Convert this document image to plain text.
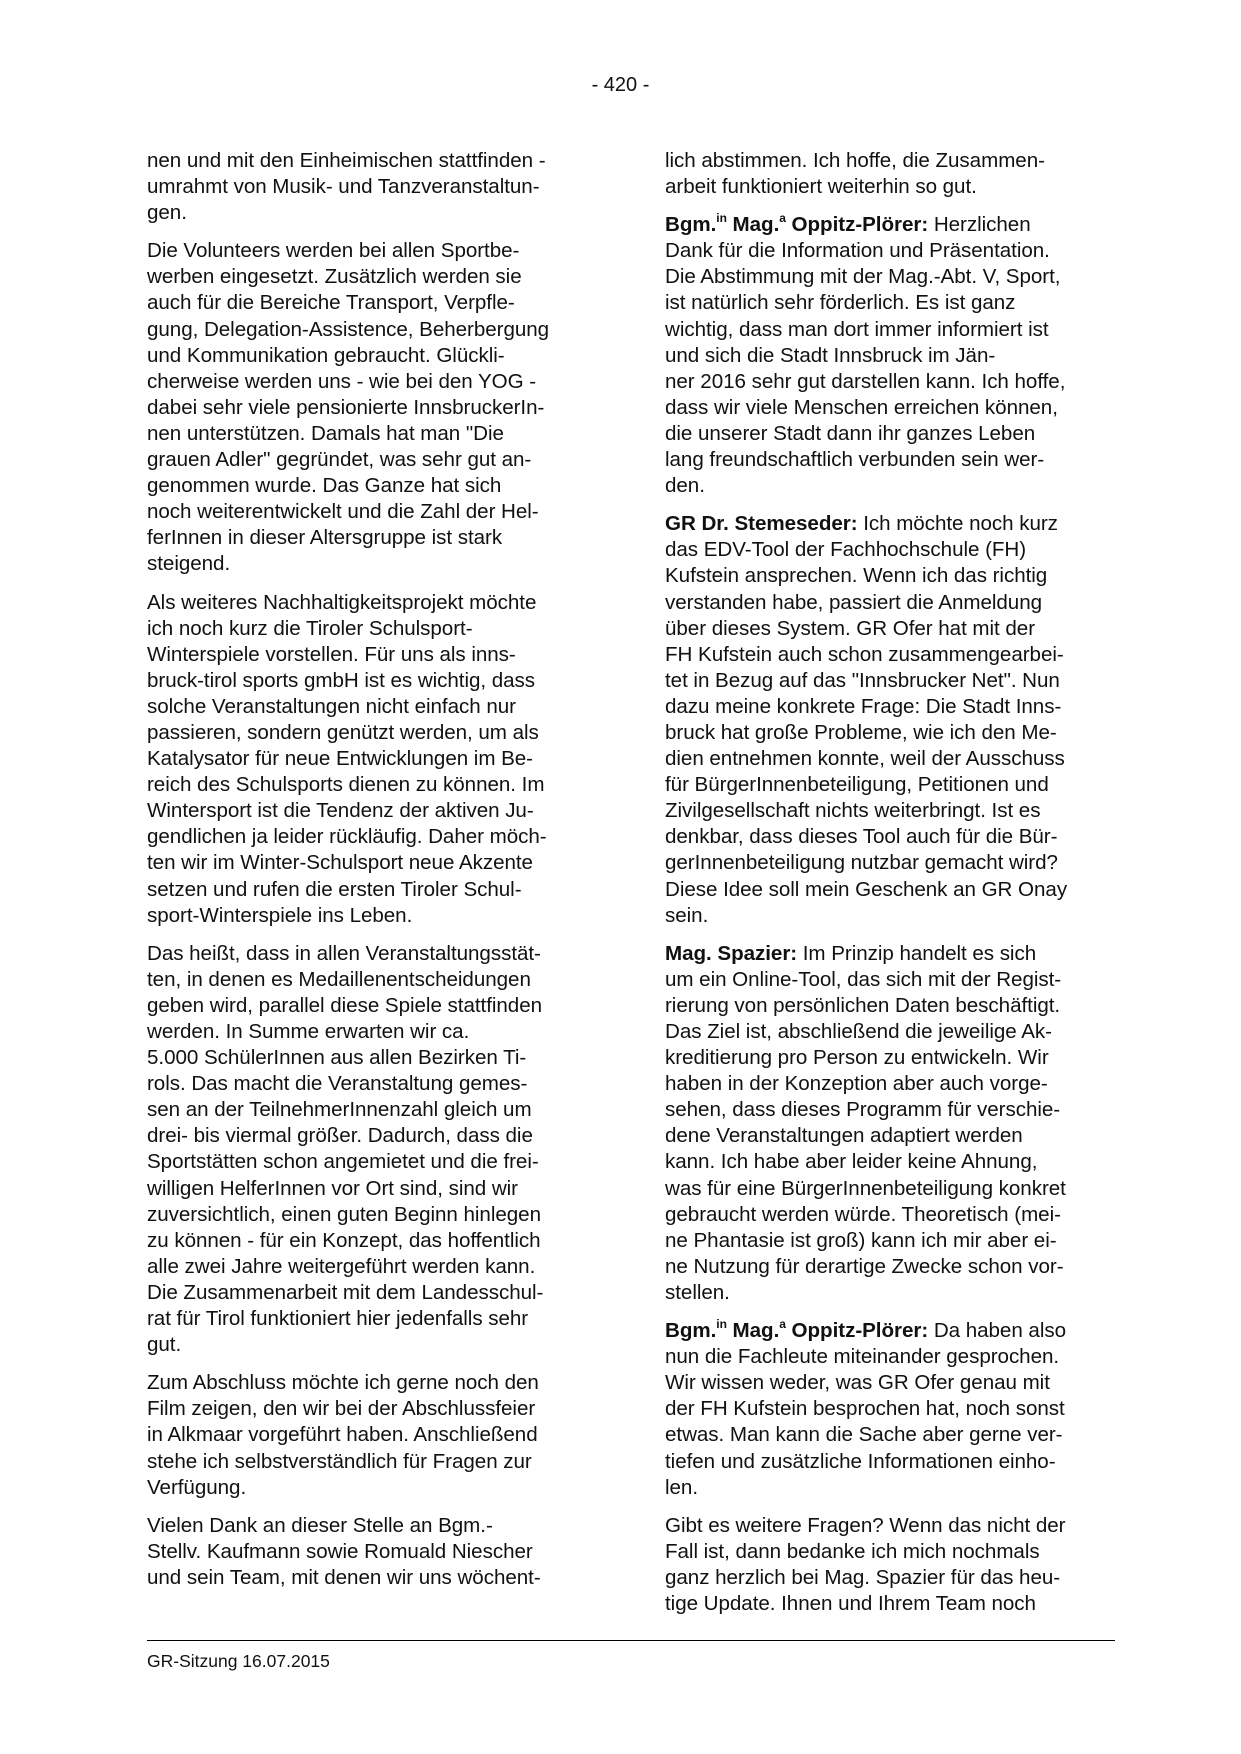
- 420 -

nen und mit den Einheimischen stattfinden -
umrahmt von Musik- und Tanzveranstaltun-
gen.

Die Volunteers werden bei allen Sportbe-
werben eingesetzt. Zusätzlich werden sie
auch für die Bereiche Transport, Verpfle-
gung, Delegation-Assistence, Beherbergung
und Kommunikation gebraucht. Glückli-
cherweise werden uns - wie bei den YOG -
dabei sehr viele pensionierte InnsbruckerIn-
nen unterstützen. Damals hat man "Die
grauen Adler" gegründet, was sehr gut an-
genommen wurde. Das Ganze hat sich
noch weiterentwickelt und die Zahl der Hel-
ferInnen in dieser Altersgruppe ist stark
steigend.

Als weiteres Nachhaltigkeitsprojekt möchte
ich noch kurz die Tiroler Schulsport-
Winterspiele vorstellen. Für uns als inns-
bruck-tirol sports gmbH ist es wichtig, dass
solche Veranstaltungen nicht einfach nur
passieren, sondern genützt werden, um als
Katalysator für neue Entwicklungen im Be-
reich des Schulsports dienen zu können. Im
Wintersport ist die Tendenz der aktiven Ju-
gendlichen ja leider rückläufig. Daher möch-
ten wir im Winter-Schulsport neue Akzente
setzen und rufen die ersten Tiroler Schul-
sport-Winterspiele ins Leben.

Das heißt, dass in allen Veranstaltungsstät-
ten, in denen es Medaillenentscheidungen
geben wird, parallel diese Spiele stattfinden
werden. In Summe erwarten wir ca.
5.000 SchülerInnen aus allen Bezirken Ti-
rols. Das macht die Veranstaltung gemes-
sen an der TeilnehmerInnenzahl gleich um
drei- bis viermal größer. Dadurch, dass die
Sportstätten schon angemietet und die frei-
willigen HelferInnen vor Ort sind, sind wir
zuversichtlich, einen guten Beginn hinlegen
zu können - für ein Konzept, das hoffentlich
alle zwei Jahre weitergeführt werden kann.
Die Zusammenarbeit mit dem Landesschul-
rat für Tirol funktioniert hier jedenfalls sehr
gut.

Zum Abschluss möchte ich gerne noch den
Film zeigen, den wir bei der Abschlussfeier
in Alkmaar vorgeführt haben. Anschließend
stehe ich selbstverständlich für Fragen zur
Verfügung.

Vielen Dank an dieser Stelle an Bgm.-
Stellv. Kaufmann sowie Romuald Niescher
und sein Team, mit denen wir uns wöchent-

lich abstimmen. Ich hoffe, die Zusammen-
arbeit funktioniert weiterhin so gut.

Bgm.$^{in}$ Mag.$^a$ Oppitz-Plörer: Herzlichen
Dank für die Information und Präsentation.
Die Abstimmung mit der Mag.-Abt. V, Sport,
ist natürlich sehr förderlich. Es ist ganz
wichtig, dass man dort immer informiert ist
und sich die Stadt Innsbruck im Jän-
ner 2016 sehr gut darstellen kann. Ich hoffe,
dass wir viele Menschen erreichen können,
die unserer Stadt dann ihr ganzes Leben
lang freundschaftlich verbunden sein wer-
den.

GR Dr. Stemeseder: Ich möchte noch kurz
das EDV-Tool der Fachhochschule (FH)
Kufstein ansprechen. Wenn ich das richtig
verstanden habe, passiert die Anmeldung
über dieses System. GR Ofer hat mit der
FH Kufstein auch schon zusammengearbei-
tet in Bezug auf das "Innsbrucker Net". Nun
dazu meine konkrete Frage: Die Stadt Inns-
bruck hat große Probleme, wie ich den Me-
dien entnehmen konnte, weil der Ausschuss
für BürgerInnenbeteiligung, Petitionen und
Zivilgesellschaft nichts weiterbringt. Ist es
denkbar, dass dieses Tool auch für die Bür-
gerInnenbeteiligung nutzbar gemacht wird?
Diese Idee soll mein Geschenk an GR Onay
sein.

Mag. Spazier: Im Prinzip handelt es sich
um ein Online-Tool, das sich mit der Regist-
rierung von persönlichen Daten beschäftigt.
Das Ziel ist, abschließend die jeweilige Ak-
kreditierung pro Person zu entwickeln. Wir
haben in der Konzeption aber auch vorge-
sehen, dass dieses Programm für verschie-
dene Veranstaltungen adaptiert werden
kann. Ich habe aber leider keine Ahnung,
was für eine BürgerInnenbeteiligung konkret
gebraucht werden würde. Theoretisch (mei-
ne Phantasie ist groß) kann ich mir aber ei-
ne Nutzung für derartige Zwecke schon vor-
stellen.

Bgm.$^{in}$ Mag.$^a$ Oppitz-Plörer: Da haben also
nun die Fachleute miteinander gesprochen.
Wir wissen weder, was GR Ofer genau mit
der FH Kufstein besprochen hat, noch sonst
etwas. Man kann die Sache aber gerne ver-
tiefen und zusätzliche Informationen einho-
len.

Gibt es weitere Fragen? Wenn das nicht der
Fall ist, dann bedanke ich mich nochmals
ganz herzlich bei Mag. Spazier für das heu-
tige Update. Ihnen und Ihrem Team noch

GR-Sitzung 16.07.2015
